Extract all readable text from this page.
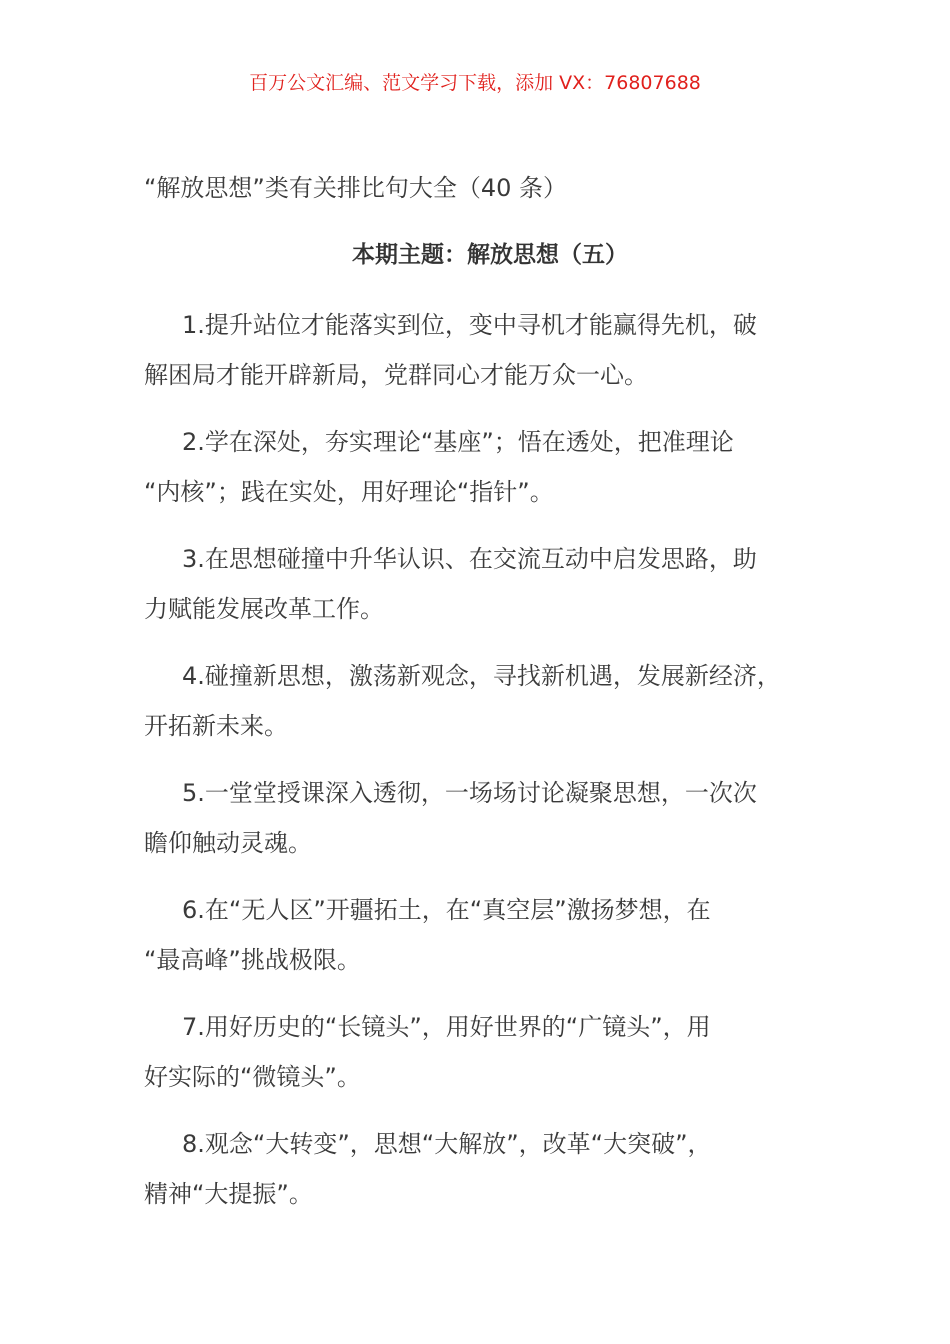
百万公文汇编、范文学习下载，添加 VX：76807688
“解放思想”类有关排比句大全（40 条）
本期主题：解放思想（五）

1.提升站位才能落实到位，变中寻机才能赢得先机，破
解困局才能开辟新局，党群同心才能万众一心。

2.学在深处，夯实理论“基座”；悟在透处，把准理论
“内核”；践在实处，用好理论“指针”。

3.在思想碰撞中升华认识、在交流互动中启发思路，助
力赋能发展改革工作。

4.碰撞新思想，激荡新观念，寻找新机遇，发展新经济，
开拓新未来。

5.一堂堂授课深入透彻，一场场讨论凝聚思想，一次次
瞻仰触动灵魂。

6.在“无人区”开疆拓土，在“真空层”激扬梦想，在
“最高峰”挑战极限。

7.用好历史的“长镜头”，用好世界的“广镜头”，用
好实际的“微镜头”。

8.观念“大转变”，思想“大解放”，改革“大突破”，
精神“大提振”。
